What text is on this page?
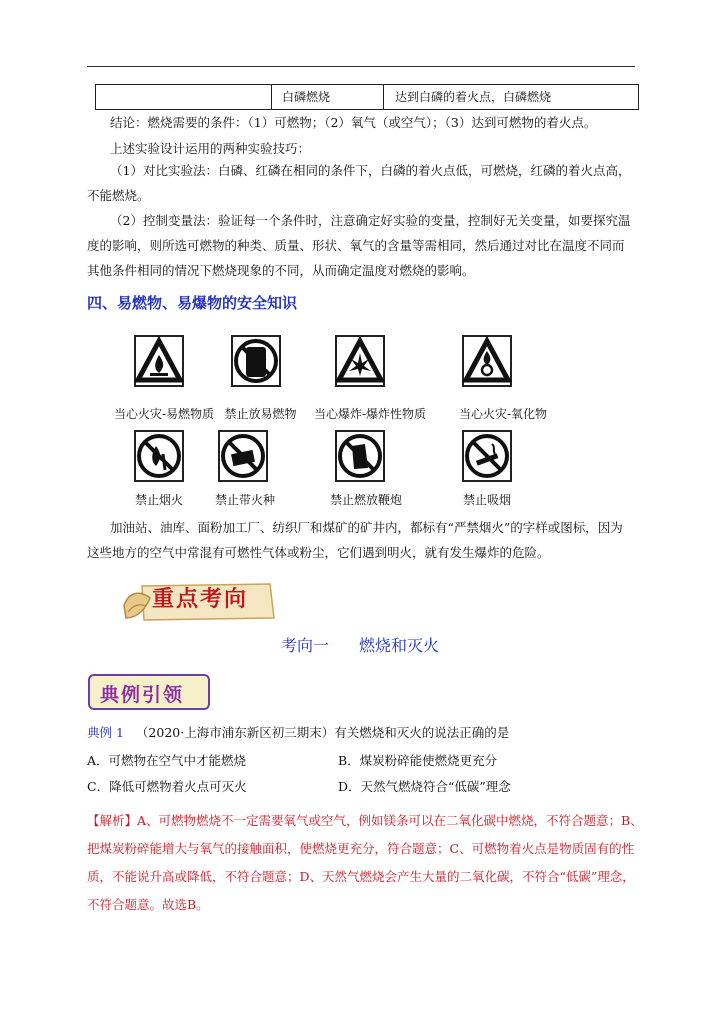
白磷燃烧	达到白磷的着火点，白磷燃烧
结论：燃烧需要的条件：（1）可燃物；（2）氧气（或空气）；（3）达到可燃物的着火点。
上述实验设计运用的两种实验技巧：
（1）对比实验法：白磷、红磷在相同的条件下，白磷的着火点低，可燃烧，红磷的着火点高，
不能燃烧。
（2）控制变量法：验证每一个条件时，注意确定好实验的变量，控制好无关变量，如要探究温
度的影响，则所选可燃物的种类、质量、形状、氧气的含量等需相同，然后通过对比在温度不同而
其他条件相同的情况下燃烧现象的不同，从而确定温度对燃烧的影响。
四、易燃物、易爆物的安全知识
当心火灾-易燃物质 禁止放易燃物	当心爆炸-爆炸性物质	当心火灾-氧化物
禁止烟火	禁止带火种	禁止燃放鞭炮	禁止吸烟
加油站、油库、面粉加工厂、纺织厂和煤矿的矿井内，都标有“严禁烟火”的字样或图标，因为
这些地方的空气中常混有可燃性气体或粉尘，它们遇到明火，就有发生爆炸的危险。
重点考向
考向一 燃烧和灭火
典例引领
典例 1 （2020·上海市浦东新区初三期末）有关燃烧和灭火的说法正确的是
A．可燃物在空气中才能燃烧	B．煤炭粉碎能使燃烧更充分
C．降低可燃物着火点可灭火	D．天然气燃烧符合“低碳”理念
【解析】A、可燃物燃烧不一定需要氧气或空气，例如镁条可以在二氧化碳中燃烧，不符合题意；B、
把煤炭粉碎能增大与氧气的接触面积，使燃烧更充分，符合题意；C、可燃物着火点是物质固有的性
质，不能说升高或降低，不符合题意；D、天然气燃烧会产生大量的二氧化碳，不符合“低碳”理念，
不符合题意。故选B。
